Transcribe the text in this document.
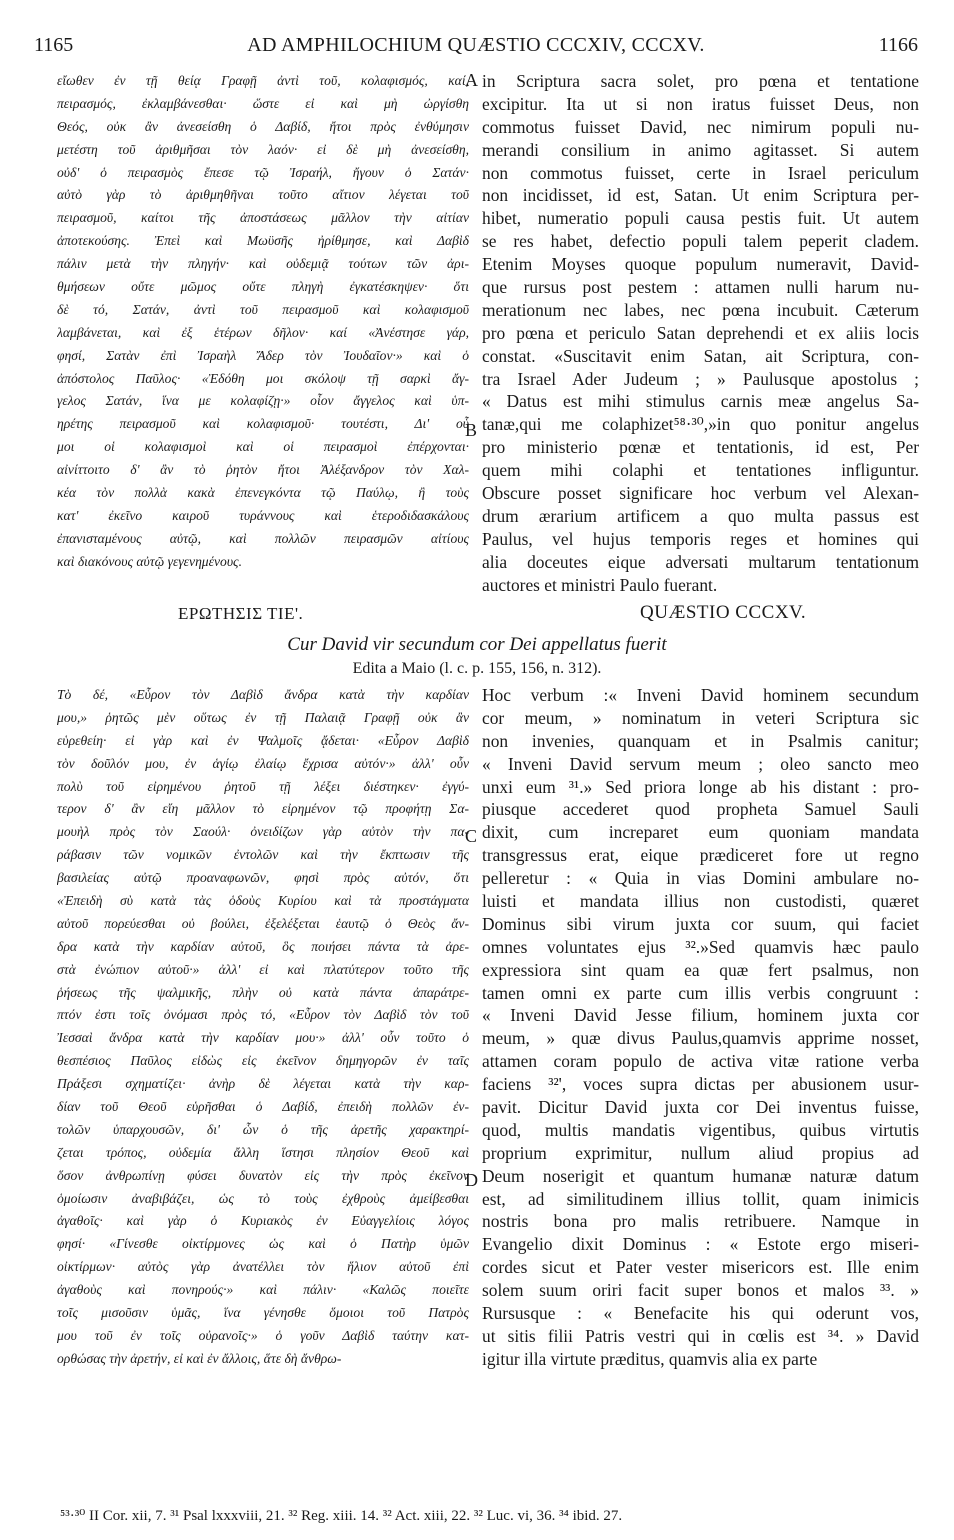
1165	AD AMPHILOCHIUM QUÆSTIO CCCXIV, CCCXV.	1166
A
B
C
D
εἴωθεν ἐν τῇ θείᾳ Γραφῇ ἀντὶ τοῦ, κολαφισμός, καί,
πειρασμός, ἐκλαμβάνεσθαι· ὥστε εἰ καὶ μὴ ὠργίσθη
Θεός, οὐκ ἂν ἀνεσείσθη ὁ Δαβίδ, ἤτοι πρὸς ἐνθύμησιν
μετέστη τοῦ ἀριθμῆσαι τὸν λαόν· εἰ δὲ μὴ ἀνεσείσθη,
οὐδ' ὁ πειρασμὸς ἔπεσε τῷ Ἰσραήλ, ἤγουν ὁ Σατάν·
αὐτὸ γὰρ τὸ ἀριθμηθῆναι τοῦτο αἴτιον λέγεται τοῦ
πειρασμοῦ, καίτοι τῆς ἀποστάσεως μᾶλλον τὴν αἰτίαν
ἀποτεκούσης. Ἐπεὶ καὶ Μωϋσῆς ἠρίθμησε, καὶ Δαβὶδ
πάλιν μετὰ τὴν πληγήν· καὶ οὐδεμιᾷ τούτων τῶν ἀρι-
θμήσεων οὔτε μῶμος οὔτε πληγὴ ἐγκατέσκηψεν· ὅτι
δὲ τό, Σατάν, ἀντὶ τοῦ πειρασμοῦ καὶ κολαφισμοῦ
λαμβάνεται, καὶ ἐξ ἑτέρων δῆλον· καί «Ἀνέστησε γάρ,
φησί, Σατὰν ἐπὶ Ἰσραὴλ Ἄδερ τὸν Ἰουδαῖον·» καὶ ὁ
ἀπόστολος Παῦλος· «Ἐδόθη μοι σκόλοψ τῇ σαρκὶ ἄγ-
γελος Σατάν, ἵνα με κολαφίζῃ·» οἷον ἄγγελος καὶ ὑπ-
ηρέτης πειρασμοῦ καὶ κολαφισμοῦ· τουτέστι, Δι' οὗ
μοι οἱ κολαφισμοὶ καὶ οἱ πειρασμοὶ ἐπέρχονται·
αἰνίττοιτο δ' ἂν τὸ ῥητὸν ἤτοι Ἀλέξανδρον τὸν Χαλ-
κέα τὸν πολλὰ κακὰ ἐπενεγκόντα τῷ Παύλῳ, ἢ τοὺς
κατ' ἐκεῖνο καιροῦ τυράννους καὶ ἑτεροδιδασκάλους
ἐπανισταμένους αὐτῷ, καὶ πολλῶν πειρασμῶν αἰτίους
καὶ διακόνους αὐτῷ γεγενημένους.
in Scriptura sacra solet, pro pœna et tentatione
excipitur. Ita ut si non iratus fuisset Deus, non
commotus fuisset David, nec nimirum populi nu-
merandi consilium in animo agitasset. Si autem
non commotus fuisset, certe in Israel periculum
non incidisset, id est, Satan. Ut enim Scriptura per-
hibet, numeratio populi causa pestis fuit. Ut autem
se res habet, defectio populi talem peperit cladem.
Etenim Moyses quoque populum numeravit, David-
que rursus post pestem : attamen nulli harum nu-
merationum nec labes, nec pœna incubuit. Cæterum
pro pœna et periculo Satan deprehendi et ex aliis locis
constat. «Suscitavit enim Satan, ait Scriptura, con-
tra Israel Ader Judeum ; » Paulusque apostolus ;
« Datus est mihi stimulus carnis meæ angelus Sa-
tanæ,qui me colaphizet⁵⁸·³⁰,»in quo ponitur angelus
pro ministerio pœnæ et tentationis, id est, Per
quem mihi colaphi et tentationes infliguntur.
Obscure posset significare hoc verbum vel Alexan-
drum ærarium artificem a quo multa passus est
Paulus, vel hujus temporis reges et homines qui
alia doceutes eique adversati multarum tentationum
auctores et ministri Paulo fuerant.
ΕΡΩΤΗΣΙΣ ΤΙΕ'.	QUÆSTIO CCCXV.
Cur David vir secundum cor Dei appellatus fuerit
Edita a Maio (l. c. p. 155, 156, n. 312).
Τὸ δέ, «Εὗρον τὸν Δαβὶδ ἄνδρα κατὰ τὴν καρδίαν
μου,» ῥητῶς μὲν οὕτως ἐν τῇ Παλαιᾷ Γραφῇ οὐκ ἂν
εὑρεθείη· εἰ γὰρ καὶ ἐν Ψαλμοῖς ᾄδεται· «Εὗρον Δαβὶδ
τὸν δοῦλόν μου, ἐν ἁγίῳ ἐλαίῳ ἔχρισα αὐτόν·» ἀλλ' οὖν
πολὺ τοῦ εἰρημένου ῥητοῦ τῇ λέξει διέστηκεν· ἐγγύ-
τερον δ' ἂν εἴη μᾶλλον τὸ εἰρημένον τῷ προφήτῃ Σα-
μουὴλ πρὸς τὸν Σαούλ· ὀνειδίζων γὰρ αὐτὸν τὴν πα-
ράβασιν τῶν νομικῶν ἐντολῶν καὶ τὴν ἔκπτωσιν τῆς
βασιλείας αὐτῷ προαναφωνῶν, φησὶ πρὸς αὐτόν, ὅτι
«Ἐπειδὴ σὺ κατὰ τὰς ὁδοὺς Κυρίου καὶ τὰ προστάγματα
αὐτοῦ πορεύεσθαι οὐ βούλει, ἐξελέξεται ἑαυτῷ ὁ Θεὸς ἄν-
δρα κατὰ τὴν καρδίαν αὐτοῦ, ὃς ποιήσει πάντα τὰ ἀρε-
στὰ ἐνώπιον αὐτοῦ·» ἀλλ' εἰ καὶ πλατύτερον τοῦτο τῆς
ῥήσεως τῆς ψαλμικῆς, πλὴν οὐ κατὰ πάντα ἀπαράτρε-
πτόν ἐστι τοῖς ὀνόμασι πρὸς τό, «Εὗρον τὸν Δαβὶδ τὸν τοῦ
Ἰεσσαὶ ἄνδρα κατὰ τὴν καρδίαν μου·» ἀλλ' οὖν τοῦτο ὁ
θεσπέσιος Παῦλος εἰδὼς εἰς ἐκεῖνον δημηγορῶν ἐν ταῖς
Πράξεσι σχηματίζει· ἀνὴρ δὲ λέγεται κατὰ τὴν καρ-
δίαν τοῦ Θεοῦ εὑρῆσθαι ὁ Δαβίδ, ἐπειδὴ πολλῶν ἐν-
τολῶν ὑπαρχουσῶν, δι' ὧν ὁ τῆς ἀρετῆς χαρακτηρί-
ζεται τρόπος, οὐδεμία ἄλλη ἵστησι πλησίον Θεοῦ καὶ
ὅσον ἀνθρωπίνῃ φύσει δυνατὸν εἰς τὴν πρὸς ἐκεῖνον
ὁμοίωσιν ἀναβιβάζει, ὡς τὸ τοὺς ἐχθροὺς ἀμείβεσθαι
ἀγαθοῖς· καὶ γὰρ ὁ Κυριακὸς ἐν Εὐαγγελίοις λόγος
φησί· «Γίνεσθε οἰκτίρμονες ὡς καὶ ὁ Πατὴρ ὑμῶν
οἰκτίρμων· αὐτὸς γὰρ ἀνατέλλει τὸν ἥλιον αὐτοῦ ἐπὶ
ἀγαθοὺς καὶ πονηρούς·» καὶ πάλιν· «Καλῶς ποιεῖτε
τοῖς μισοῦσιν ὑμᾶς, ἵνα γένησθε ὅμοιοι τοῦ Πατρὸς
μου τοῦ ἐν τοῖς οὐρανοῖς·» ὁ γοῦν Δαβὶδ ταύτην κατ-
ορθώσας τὴν ἀρετήν, εἰ καὶ ἐν ἄλλοις, ἅτε δὴ ἄνθρω-
Hoc verbum :« Inveni David hominem secundum
cor meum, » nominatum in veteri Scriptura sic
non invenies, quanquam et in Psalmis canitur;
« Inveni David servum meum ; oleo sancto meo
unxi eum ³¹.» Sed priora longe ab his distant : pro-
piusque accederet quod propheta Samuel Sauli
dixit, cum increparet eum quoniam mandata
transgressus erat, eique prædiceret fore ut regno
pelleretur : « Quia in vias Domini ambulare no-
luisti et mandata illius non custodisti, quæret
Dominus sibi virum juxta cor suum, qui faciet
omnes voluntates ejus ³².»Sed quamvis hæc paulo
expressiora sint quam ea quæ fert psalmus, non
tamen omni ex parte cum illis verbis congruunt :
« Inveni David Jesse filium, hominem juxta cor
meum, » quæ divus Paulus,quamvis apprime nosset,
attamen coram populo de activa vitæ ratione verba
faciens ³²', voces supra dictas per abusionem usur-
pavit. Dicitur David juxta cor Dei inventus fuisse,
quod, multis mandatis vigentibus, quibus virtutis
proprium exprimitur, nullum aliud propius ad
Deum noserigit et quantum humanæ naturæ datum
est, ad similitudinem illius tollit, quam inimicis
nostris bona pro malis retribuere. Namque in
Evangelio dixit Dominus : « Estote ergo miseri-
cordes sicut et Pater vester misericors est. Ille enim
solem suum oriri facit super bonos et malos ³³. »
Rursusque : « Benefacite his qui oderunt vos,
ut sitis filii Patris vestri qui in cœlis est ³⁴. » David
igitur illa virtute præditus, quamvis alia ex parte
⁵³·³⁰ II Cor. xii, 7. ³¹ Psal lxxxviii, 21. ³² Reg. xiii. 14. ³² Act. xiii, 22. ³² Luc. vi, 36. ³⁴ ibid. 27.
